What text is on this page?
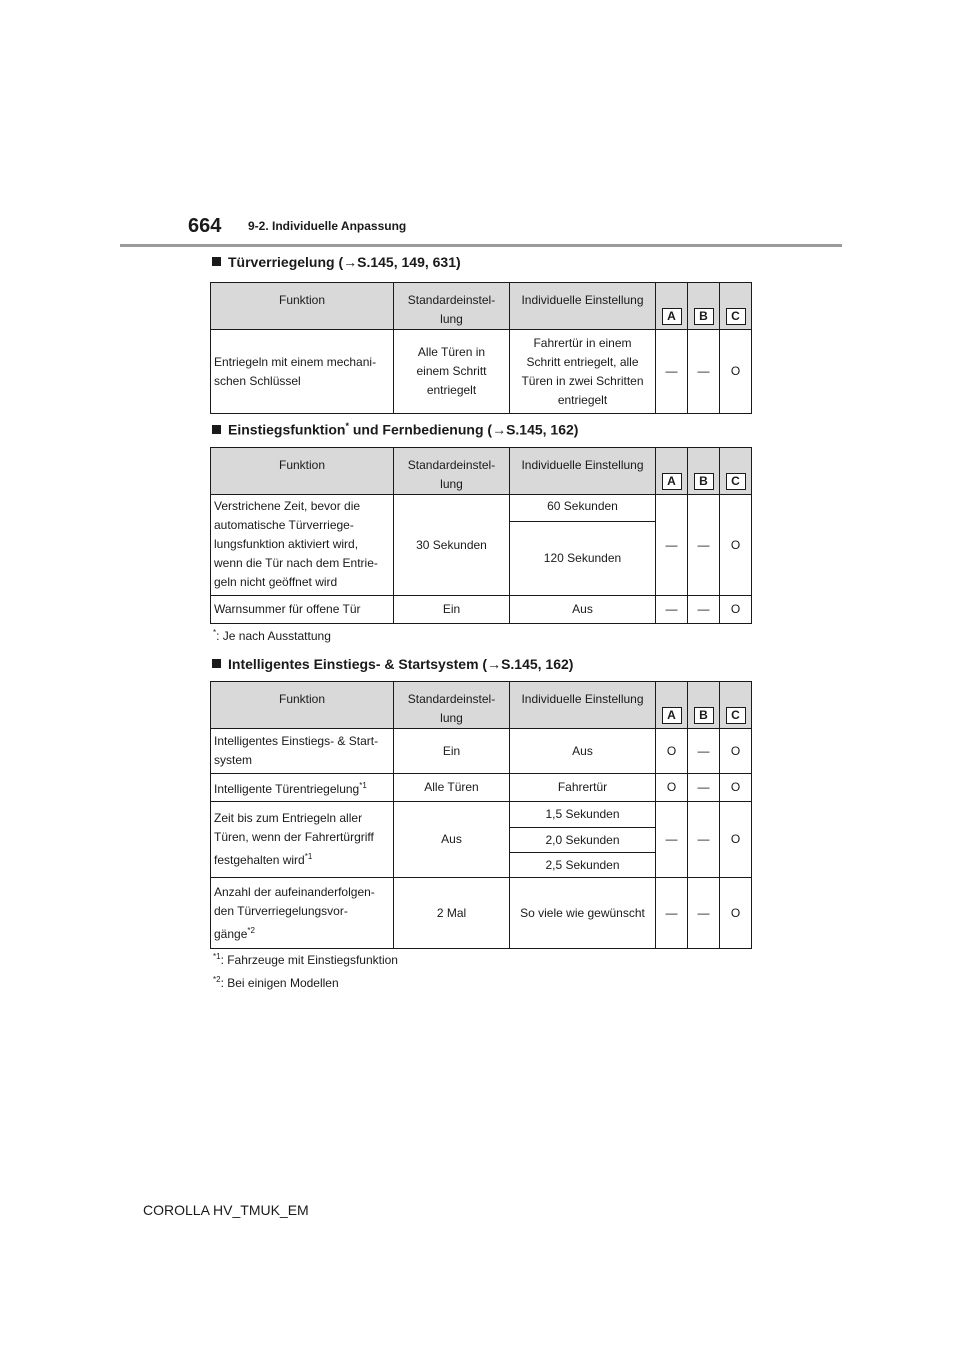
664 9-2. Individuelle Anpassung
Türverriegelung (→S.145, 149, 631)
Funktion	Standardeinstel-
lung	Individuelle Einstellung	A	B	C
Entriegeln mit einem mechani-
schen Schlüssel	Alle Türen in
einem Schritt
entriegelt	Fahrertür in einem
Schritt entriegelt, alle
Türen in zwei Schritten
entriegelt	—	—	O
Einstiegsfunktion* und Fernbedienung (→S.145, 162)
Funktion	Standardeinstel-
lung	Individuelle Einstellung	A	B	C
Verstrichene Zeit, bevor die
automatische Türverriege-
lungsfunktion aktiviert wird,
wenn die Tür nach dem Entrie-
geln nicht geöffnet wird	30 Sekunden	60 Sekunden	—	—	O
		120 Sekunden			
Warnsummer für offene Tür	Ein	Aus	—	—	O
*: Je nach Ausstattung
Intelligentes Einstiegs- & Startsystem (→S.145, 162)
Funktion	Standardeinstel-
lung	Individuelle Einstellung	A	B	C
Intelligentes Einstiegs- & Start-
system	Ein	Aus	O	—	O
Intelligente Türentriegelung$^{*1}$	Alle Türen	Fahrertür	O	—	O
Zeit bis zum Entriegeln aller
Türen, wenn der Fahrertürgriff
festgehalten wird$^{*1}$	Aus	1,5 Sekunden	—	—	O
		2,0 Sekunden			
		2,5 Sekunden			
Anzahl der aufeinanderfolgen-
den Türverriegelungsvor-
gänge$^{*2}$	2 Mal	So viele wie gewünscht	—	—	O
$^{*1}$: Fahrzeuge mit Einstiegsfunktion
$^{*2}$: Bei einigen Modellen
COROLLA HV_TMUK_EM
